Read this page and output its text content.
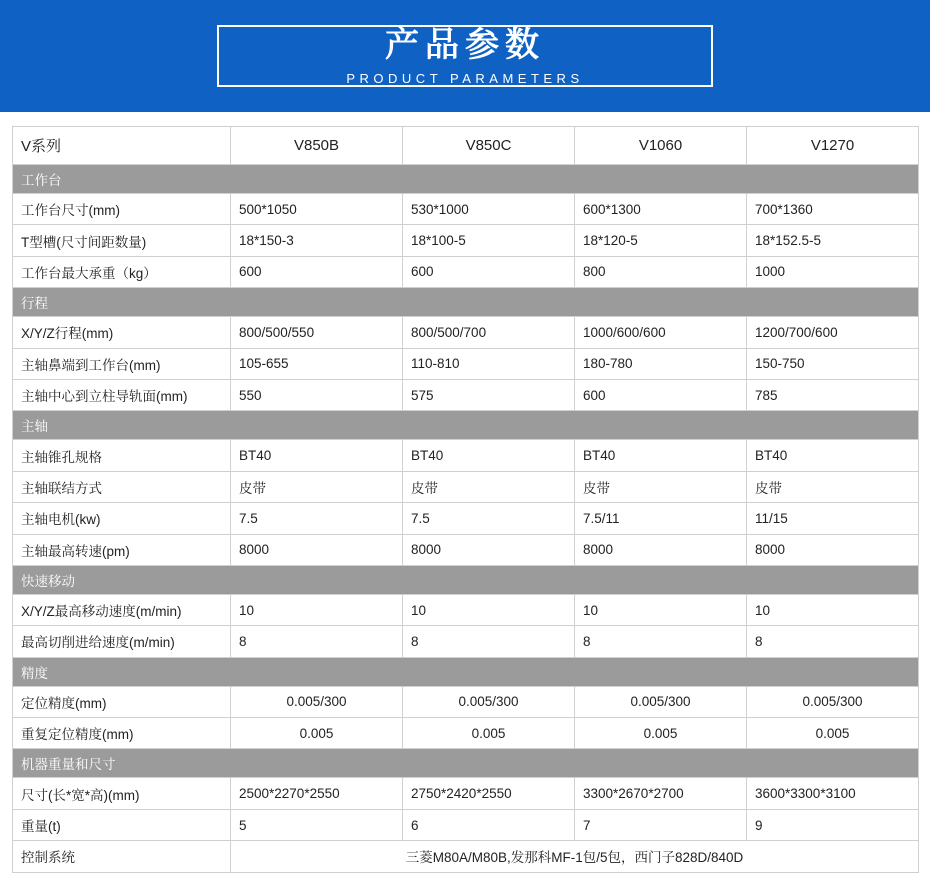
产品参数
PRODUCT PARAMETERS
V系列	V850B	V850C	V1060	V1270
工作台				
工作台尺寸(mm)	500*1050	530*1000	600*1300	700*1360
T型槽(尺寸间距数量)	18*150-3	18*100-5	18*120-5	18*152.5-5
工作台最大承重（kg）	600	600	800	1000
行程				
X/Y/Z行程(mm)	800/500/550	800/500/700	1000/600/600	1200/700/600
主轴鼻端到工作台(mm)	105-655	110-810	180-780	150-750
主轴中心到立柱导轨面(mm)	550	575	600	785
主轴				
主轴锥孔规格	BT40	BT40	BT40	BT40
主轴联结方式	皮带	皮带	皮带	皮带
主轴电机(kw)	7.5	7.5	7.5/11	11/15
主轴最高转速(pm)	8000	8000	8000	8000
快速移动				
X/Y/Z最高移动速度(m/min)	10	10	10	10
最高切削进给速度(m/min)	8	8	8	8
精度				
定位精度(mm)	0.005/300	0.005/300	0.005/300	0.005/300
重复定位精度(mm)	0.005	0.005	0.005	0.005
机器重量和尺寸				
尺寸(长*宽*高)(mm)	2500*2270*2550	2750*2420*2550	3300*2670*2700	3600*3300*3100
重量(t)	5	6	7	9
控制系统	三菱M80A/M80B,发那科MF-1包/5包，西门子828D/840D			
